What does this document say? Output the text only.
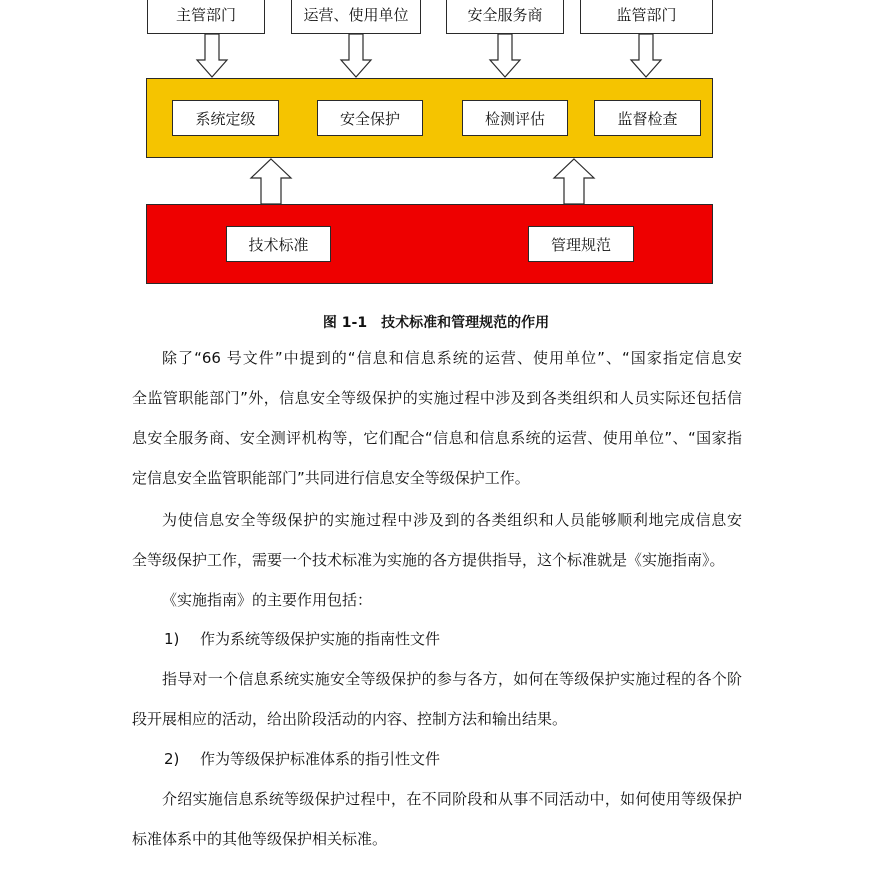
主管部门	运营、使用单位	安全服务商	监管部门
系统定级	安全保护	检测评估	监督检查
技术标准	管理规范
图 1-1　技术标准和管理规范的作用
除了“66 号文件”中提到的“信息和信息系统的运营、使用单位”、“国家指定信息安
全监管职能部门”外，信息安全等级保护的实施过程中涉及到各类组织和人员实际还包括信
息安全服务商、安全测评机构等，它们配合“信息和信息系统的运营、使用单位”、“国家指
定信息安全监管职能部门”共同进行信息安全等级保护工作。
为使信息安全等级保护的实施过程中涉及到的各类组织和人员能够顺利地完成信息安
全等级保护工作，需要一个技术标准为实施的各方提供指导，这个标准就是《实施指南》。
《实施指南》的主要作用包括：
1) 作为系统等级保护实施的指南性文件
指导对一个信息系统实施安全等级保护的参与各方，如何在等级保护实施过程的各个阶
段开展相应的活动，给出阶段活动的内容、控制方法和输出结果。
2) 作为等级保护标准体系的指引性文件
介绍实施信息系统等级保护过程中，在不同阶段和从事不同活动中，如何使用等级保护
标准体系中的其他等级保护相关标准。
